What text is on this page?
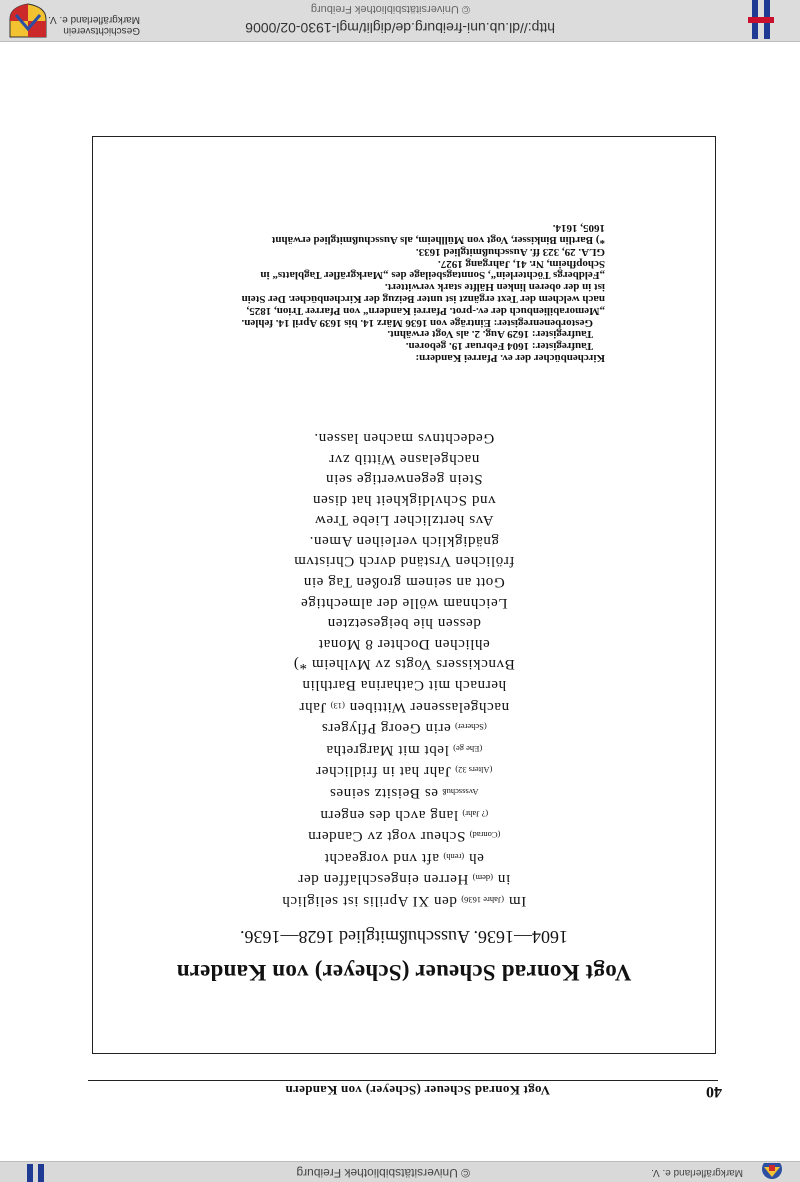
Markgräflerland e. V.
© Universitätsbibliothek Freiburg
40
Vogt Konrad Scheuer (Scheyer) von Kandern
Vogt Konrad Scheuer (Scheyer) von Kandern
1604—1636. Ausschußmitglied 1628—1636.
Im (Jahre 1636) den XI Aprilis ist seliglich
in (dem) Herren eingeschlaffen der
eh (renh) aft vnd vorgeacht
(Conrad) Scheur vogt zv Candern
(? Jahr) lang avch des engern
Avssschuß es Beisitz seines
(Alters 32) Jahr hat in fridlicher
(Ehe ge) lebt mit Margretha
(Scherer) erin Georg Pflygers
nachgelassener Wittiben (13) Jahr
hernach mit Catharina Barthlin
Bvnckissers Vogts zv Mvlheim *)
ehlichen Dochter 8 Monat
dessen hie beigesetzten
Leichnam wölle der almechtige
Gott an seinem großen Tag ein
frölichen Vrständ dvrch Christvm
gnädigklich verleihen Amen.
Avs hertzlicher Liebe Trew
vnd Schvldigkheit hat disen
Stein gegenwertige sein
nachgelasne Wittib zvr
Gedechtnvs machen lassen.
Kirchenbücher der ev. Pfarrei Kandern:
Taufregister: 1604 Februar 19. geboren.
Taufregister: 1629 Aug. 2. als Vogt erwähnt.
Gestorbenenregister: Einträge von 1636 März 14. bis 1639 April 14. fehlen.
„Memorabilienbuch der ev.-prot. Pfarrei Kandern“ von Pfarrer Trion, 1825,
nach welchem der Text ergänzt ist unter Beizug der Kirchenbücher. Der Stein
ist in der oberen linken Hälfte stark verwittert.
„Feldbergs Töchterlein“, Sonntagsbeilage des „Markgräfler Tagblatts“ in
Schopfheim, Nr. 41, Jahrgang 1927.
GLA. 29, 323 ff. Ausschußmitglied 1633.
*) Bartlin Binkisser, Vogt von Müllheim, als Ausschußmitglied erwähnt
1605, 1614.
http://dl.ub.uni-freiburg.de/diglit/mgl-1930-02/0006
© Universitätsbibliothek Freiburg
Geschichtsverein
Markgräflerland e. V.
